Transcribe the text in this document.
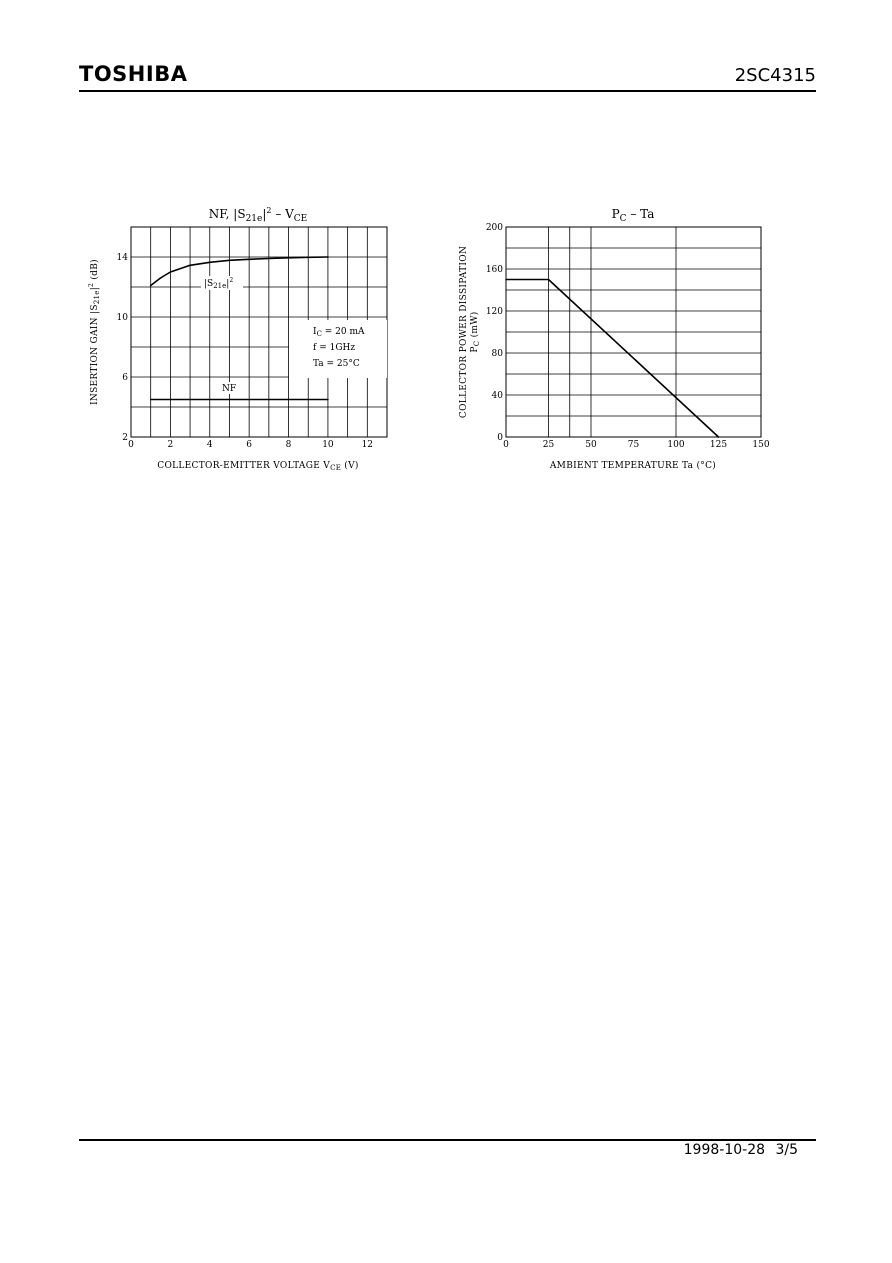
TOSHIBA	2SC4315
NF, $|S_{21e}|^2 - V_{CE}$
0	2	4	6	8	10	12
2
6
10
14
$I_C = 20$ mA
f = 1GHz
Ta = 25°C
$|S_{21e}|^2$
NF
COLLECTOR-EMITTER VOLTAGE $V_{CE}$ (V)
INSERTION GAIN $|S_{21e}|^2$ (dB)
$P_C$ – Ta
0	25	50	75	100	125	150
0
40
80
120
160
200
AMBIENT TEMPERATURE Ta (°C)
COLLECTOR POWER DISSIPATION $P_C$ (mW)
1998-10-28 3/5
